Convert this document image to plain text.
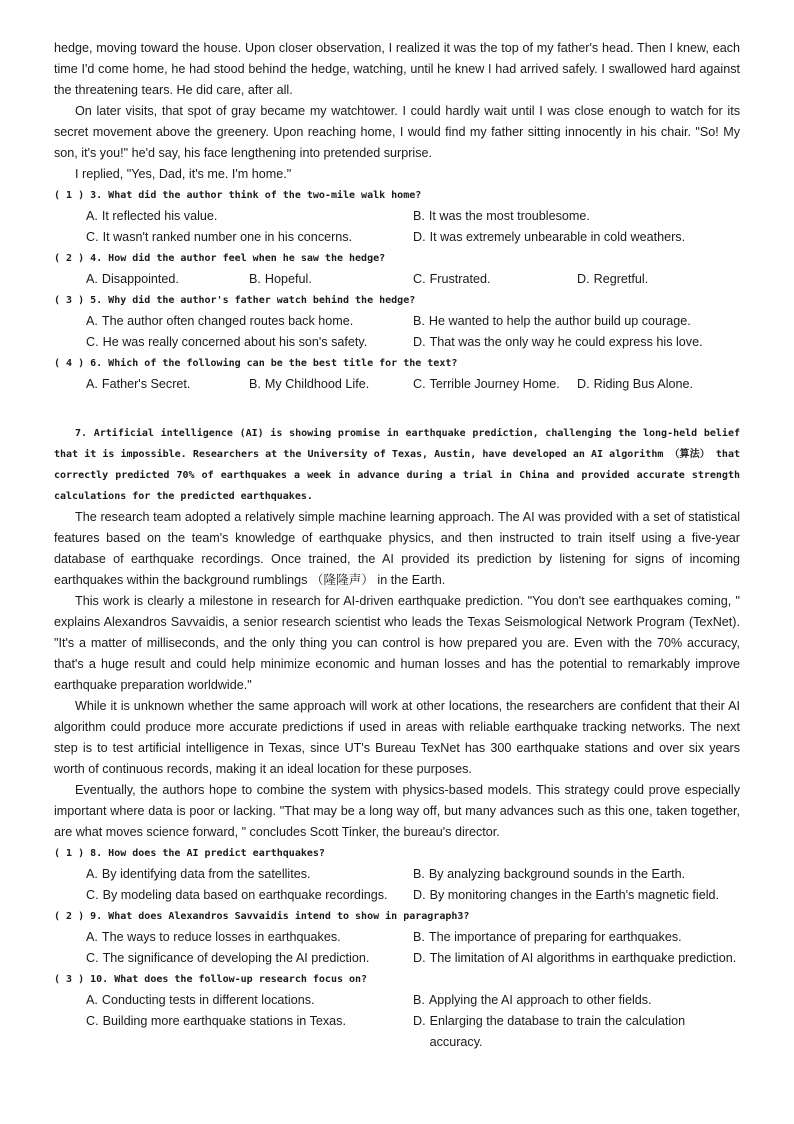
hedge, moving toward the house. Upon closer observation, I realized it was the top of my father's head. Then I knew, each time I'd come home, he had stood behind the hedge, watching, until he knew I had arrived safely. I swallowed hard against the threatening tears. He did care, after all.

On later visits, that spot of gray became my watchtower. I could hardly wait until I was close enough to watch for its secret movement above the greenery. Upon reaching home, I would find my father sitting innocently in his chair. "So! My son, it's you!" he'd say, his face lengthening into pretended surprise.

I replied, "Yes, Dad, it's me. I'm home."

( 1 ) 3. What did the author think of the two-mile walk home?

A. It reflected his value.	B. It was the most troublesome.
C. It wasn't ranked number one in his concerns.	D. It was extremely unbearable in cold weathers.

( 2 ) 4. How did the author feel when he saw the hedge?

A. Disappointed.	B. Hopeful.	C. Frustrated.	D. Regretful.

( 3 ) 5. Why did the author's father watch behind the hedge?

A. The author often changed routes back home.	B. He wanted to help the author build up courage.
C. He was really concerned about his son's safety.	D. That was the only way he could express his love.

( 4 ) 6. Which of the following can be the best title for the text?

A. Father's Secret.	B. My Childhood Life.	C. Terrible Journey Home.	D. Riding Bus Alone.

7. Artificial intelligence (AI) is showing promise in earthquake prediction, challenging the long-held belief that it is impossible. Researchers at the University of Texas, Austin, have developed an AI algorithm （算法） that correctly predicted 70% of earthquakes a week in advance during a trial in China and provided accurate strength calculations for the predicted earthquakes.

The research team adopted a relatively simple machine learning approach. The AI was provided with a set of statistical features based on the team's knowledge of earthquake physics, and then instructed to train itself using a five-year database of earthquake recordings. Once trained, the AI provided its prediction by listening for signs of incoming earthquakes within the background rumblings （隆隆声） in the Earth.

This work is clearly a milestone in research for AI-driven earthquake prediction. "You don't see earthquakes coming, " explains Alexandros Savvaidis, a senior research scientist who leads the Texas Seismological Network Program (TexNet). "It's a matter of milliseconds, and the only thing you can control is how prepared you are. Even with the 70% accuracy, that's a huge result and could help minimize economic and human losses and has the potential to remarkably improve earthquake preparation worldwide."

While it is unknown whether the same approach will work at other locations, the researchers are confident that their AI algorithm could produce more accurate predictions if used in areas with reliable earthquake tracking networks. The next step is to test artificial intelligence in Texas, since UT's Bureau TexNet has 300 earthquake stations and over six years worth of continuous records, making it an ideal location for these purposes.

Eventually, the authors hope to combine the system with physics-based models. This strategy could prove especially important where data is poor or lacking. "That may be a long way off, but many advances such as this one, taken together, are what moves science forward, " concludes Scott Tinker, the bureau's director.

( 1 ) 8. How does the AI predict earthquakes?

A. By identifying data from the satellites.	B. By analyzing background sounds in the Earth.
C. By modeling data based on earthquake recordings.	D. By monitoring changes in the Earth's magnetic field.

( 2 ) 9. What does Alexandros Savvaidis intend to show in paragraph3?

A. The ways to reduce losses in earthquakes.	B. The importance of preparing for earthquakes.
C. The significance of developing the AI prediction.	D. The limitation of AI algorithms in earthquake prediction.

( 3 ) 10. What does the follow-up research focus on?

A. Conducting tests in different locations.	B. Applying the AI approach to other fields.
C. Building more earthquake stations in Texas.	D. Enlarging the database to train the calculation accuracy.
